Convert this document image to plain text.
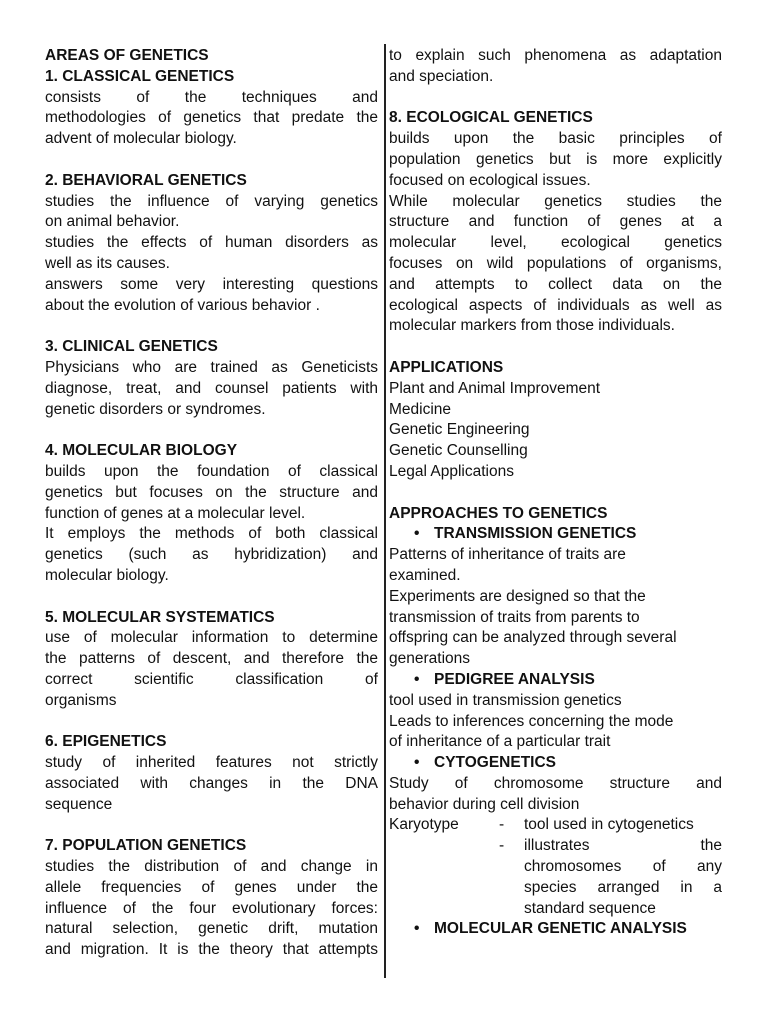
AREAS OF GENETICS
1. CLASSICAL GENETICS
consists of the techniques and
methodologies of genetics that predate the
advent of molecular biology.
2. BEHAVIORAL GENETICS
studies the influence of varying genetics
on animal behavior.
studies the effects of human disorders as
well as its causes.
answers some very interesting questions
about the evolution of various behavior .
3. CLINICAL GENETICS
Physicians who are trained as Geneticists
diagnose, treat, and counsel patients with
genetic disorders or syndromes.
4. MOLECULAR BIOLOGY
builds upon the foundation of classical
genetics but focuses on the structure and
function of genes at a molecular level.
It employs the methods of both classical
genetics (such as hybridization) and
molecular biology.
5. MOLECULAR SYSTEMATICS
use of molecular information to determine
the patterns of descent, and therefore the
correct scientific classification of
organisms
6. EPIGENETICS
study of inherited features not strictly
associated with changes in the DNA
sequence
7. POPULATION GENETICS
studies the distribution of and change in
allele frequencies of genes under the
influence of the four evolutionary forces:
natural selection, genetic drift, mutation
and migration. It is the theory that attempts
to explain such phenomena as adaptation
and speciation.
8. ECOLOGICAL GENETICS
builds upon the basic principles of
population genetics but is more explicitly
focused on ecological issues.
While molecular genetics studies the
structure and function of genes at a
molecular level, ecological genetics
focuses on wild populations of organisms,
and attempts to collect data on the
ecological aspects of individuals as well as
molecular markers from those individuals.
APPLICATIONS
Plant and Animal Improvement
Medicine
Genetic Engineering
Genetic Counselling
Legal Applications
APPROACHES TO GENETICS
• TRANSMISSION GENETICS
Patterns of inheritance of traits are
examined.
Experiments are designed so that the
transmission of traits from parents to
offspring can be analyzed through several
generations
• PEDIGREE ANALYSIS
tool used in transmission genetics
Leads to inferences concerning the mode
of inheritance of a particular trait
• CYTOGENETICS
Study of chromosome structure and
behavior during cell division
Karyotype	-	tool used in cytogenetics
-	illustrates the
chromosomes of any
species arranged in a
standard sequence
• MOLECULAR GENETIC ANALYSIS
